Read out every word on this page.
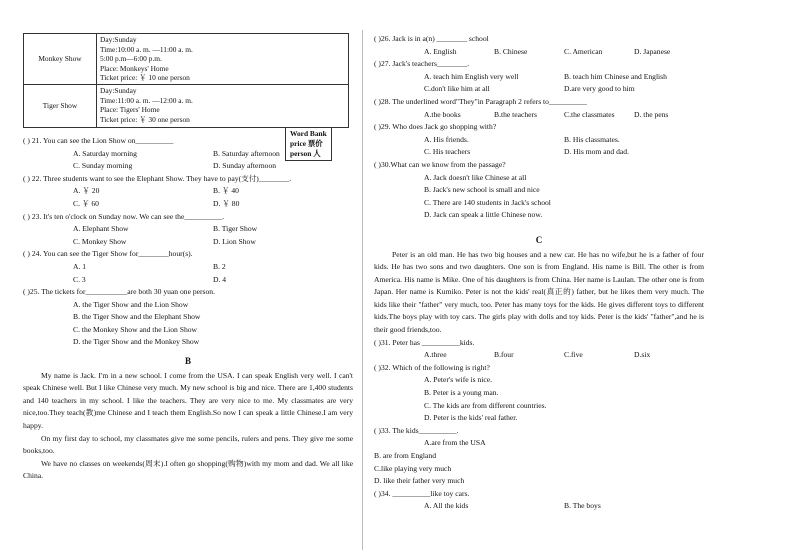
Monkey Show	Day:Sunday
Time:10:00 a. m. —11:00 a. m.
5:00 p.m—6:00 p.m.
Place: Monkeys' Home
Ticket price: ￥ 10 one person

Tiger Show	Day:Sunday
Time:11:00 a. m. —12:00 a. m.
Place: Tigers' Home
Ticket price: ￥ 30 one person
Word Bank
price 票价
person 人
( ) 21. You can see the Lion Show on__________
A. Saturday morning	B. Saturday afternoon
C. Sunday morning	D. Sunday afternoon
( ) 22. Three students want to see the Elephant Show. They have to pay(支付)________.
A. ￥ 20	B. ￥ 40
C. ￥ 60	D. ￥ 80
( ) 23. It's ten o'clock on Sunday now. We can see the__________.
A. Elephant Show	B. Tiger Show
C. Monkey Show	D. Lion Show
( ) 24. You can see the Tiger Show for________hour(s).
A. 1	B. 2
C. 3	D. 4
( )25. The tickets for___________are both 30 yuan one person.
A. the Tiger Show and the Lion Show
B. the Tiger Show and the Elephant Show
C. the Monkey Show and the Lion Show
D. the Tiger Show and the Monkey Show
B
My name is Jack. I'm in a new school. I come from the USA. I can speak English very well. I can't speak Chinese well. But I like Chinese very much. My new school is big and nice. There are 1,400 students and 140 teachers in my school. I like the teachers. They are very nice to me. My classmates are very nice,too.They teach(教)me Chinese and I teach them English.So now I can speak a little Chinese.I am very happy.
On my first day to school, my classmates give me some pencils, rulers and pens. They give me some books,too.
We have no classes on weekends(周末).I often go shopping(购物)with my mom and dad. We all like China.
( )26. Jack is in a(n) ________ school
A. English	B. Chinese	C. American	D. Japanese
( )27. Jack's teachers________.
A. teach him English very well	B. teach him Chinese and English
C.don't like him at all	D.are very good to him
( )28. The underlined word"They"in Paragraph 2 refers to__________
A.the books	B.the teachers	C.the classmates	D. the pens
( )29. Who does Jack go shopping with?
A. His friends.	B. His classmates.
C. His teachers	D. His mom and dad.
( )30.What can we know from the passage?
A. Jack doesn't like Chinese at all
B. Jack's new school is small and nice
C. There are 140 students in Jack's school
D. Jack can speak a little Chinese now.
C
Peter is an old man. He has two big houses and a new car. He has no wife,but he is a father of four kids. He has two sons and two daughters. One son is from England. His name is Bill. The other is from America. His name is Mike. One of his daughters is from China. Her name is Laulan. The other one is from Japan. Her name is Kumiko. Peter is not the kids' real(真正的) father, but he likes them very much. The kids like their "father" very much, too. Peter has many toys for the kids. He gives different toys to different kids.The boys play with toy cars. The girls play with dolls and toy kids. Peter is the kids' "father",and he is their good friends,too.
( )31. Peter has __________kids.
A.three	B.four	C.five	D.six
( )32. Which of the following is right?
A. Peter's wife is nice.
B. Peter is a young man.
C. The kids are from different countries.
D. Peter is the kids' real father.
( )33. The kids__________.
A.are from the USA
B. are from England
C.like playing very much
D. like their father very much
( )34. __________like toy cars.
A. All the kids	B. The boys
